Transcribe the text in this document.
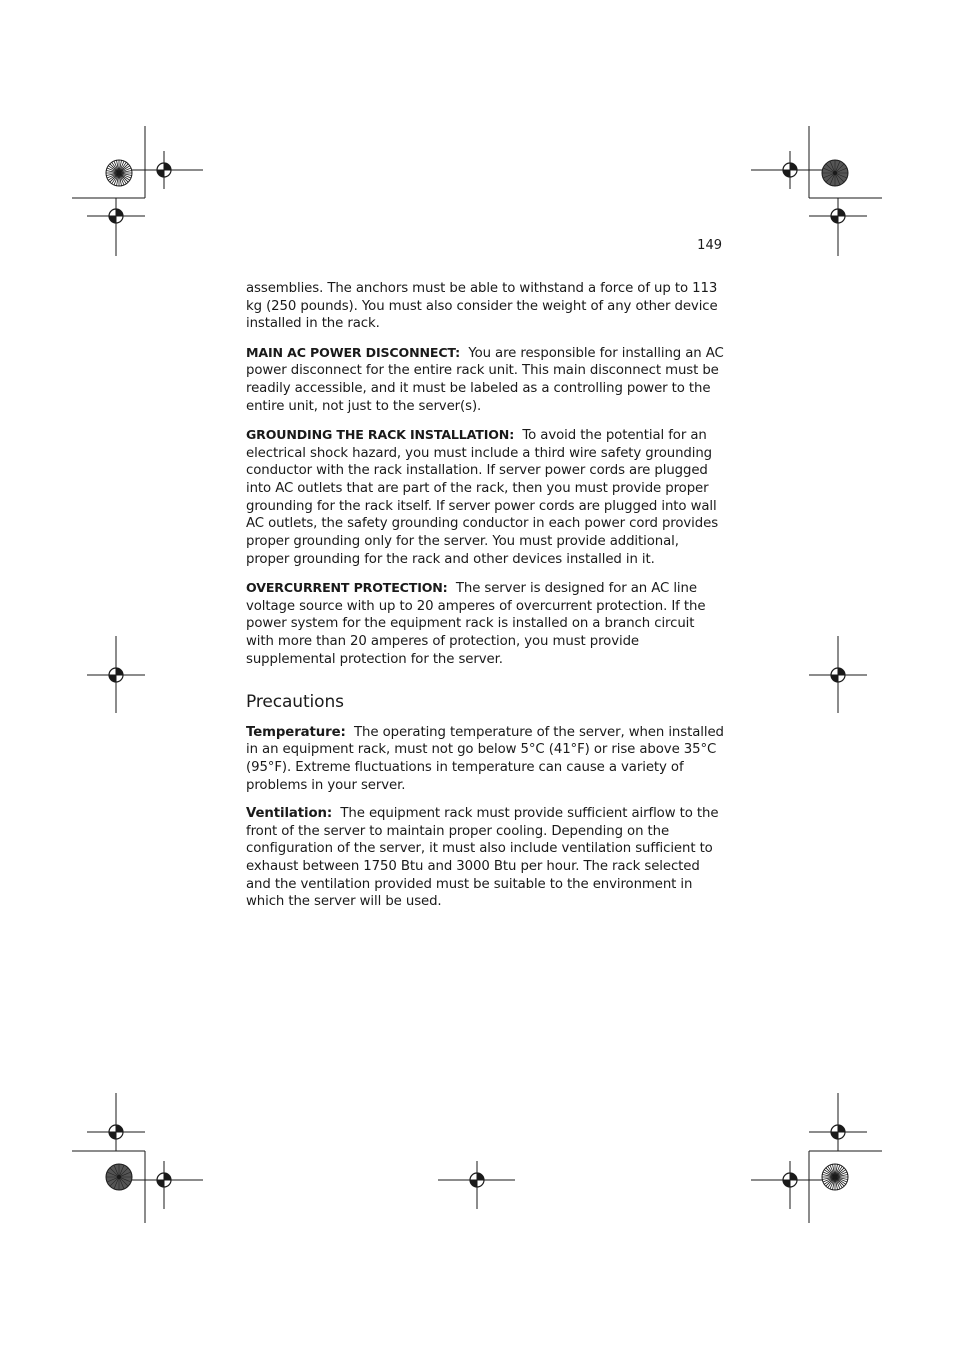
149

assemblies. The anchors must be able to withstand a force of up to 113 kg (250 pounds). You must also consider the weight of any other device installed in the rack.

MAIN AC POWER DISCONNECT: You are responsible for installing an AC power disconnect for the entire rack unit. This main disconnect must be readily accessible, and it must be labeled as a controlling power to the entire unit, not just to the server(s).

GROUNDING THE RACK INSTALLATION: To avoid the potential for an electrical shock hazard, you must include a third wire safety grounding conductor with the rack installation. If server power cords are plugged into AC outlets that are part of the rack, then you must provide proper grounding for the rack itself. If server power cords are plugged into wall AC outlets, the safety grounding conductor in each power cord provides proper grounding only for the server. You must provide additional, proper grounding for the rack and other devices installed in it.

OVERCURRENT PROTECTION: The server is designed for an AC line voltage source with up to 20 amperes of overcurrent protection. If the power system for the equipment rack is installed on a branch circuit with more than 20 amperes of protection, you must provide supplemental protection for the server.

Precautions

Temperature: The operating temperature of the server, when installed in an equipment rack, must not go below 5°C (41°F) or rise above 35°C (95°F). Extreme fluctuations in temperature can cause a variety of problems in your server.

Ventilation: The equipment rack must provide sufficient airflow to the front of the server to maintain proper cooling. Depending on the configuration of the server, it must also include ventilation sufficient to exhaust between 1750 Btu and 3000 Btu per hour. The rack selected and the ventilation provided must be suitable to the environment in which the server will be used.
